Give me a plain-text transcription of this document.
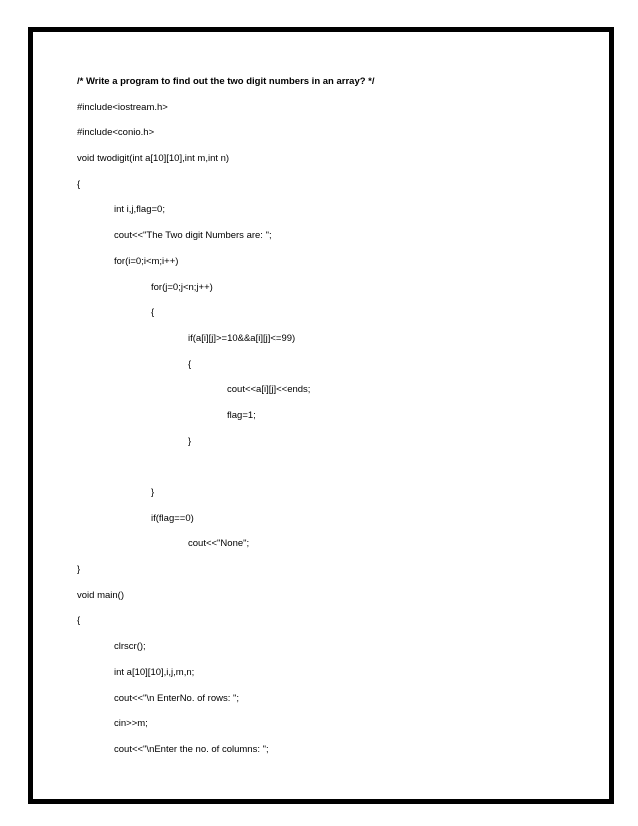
/* Write a program to find out the two digit numbers in an array? */
#include<iostream.h>
#include<conio.h>
void twodigit(int a[10][10],int m,int n)
{
int i,j,flag=0;
cout<<"The Two digit Numbers are: ";
for(i=0;i<m;i++)
for(j=0;j<n;j++)
{
if(a[i][j]>=10&&a[i][j]<=99)
{
cout<<a[i][j]<<ends;
flag=1;
}
}
if(flag==0)
cout<<"None";
}
void main()
{
clrscr();
int a[10][10],i,j,m,n;
cout<<"\n EnterNo. of rows: ";
cin>>m;
cout<<"\nEnter the no. of columns: ";
